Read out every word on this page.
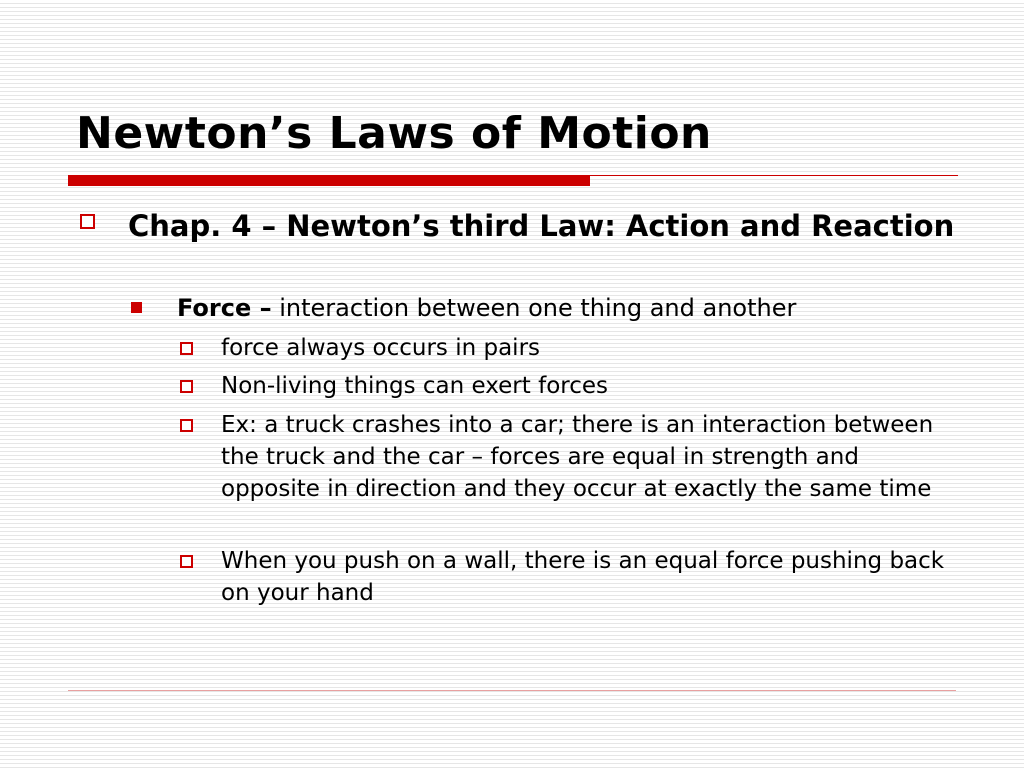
Newton’s Laws of Motion
Chap. 4 – Newton’s third Law: Action and Reaction
Force – interaction between one thing and another
force always occurs in pairs
Non-living things can exert forces
Ex: a truck crashes into a car; there is an interaction between the truck and the car – forces are equal in strength and opposite in direction and they occur at exactly the same time
When you push on a wall, there is an equal force pushing back on your hand
